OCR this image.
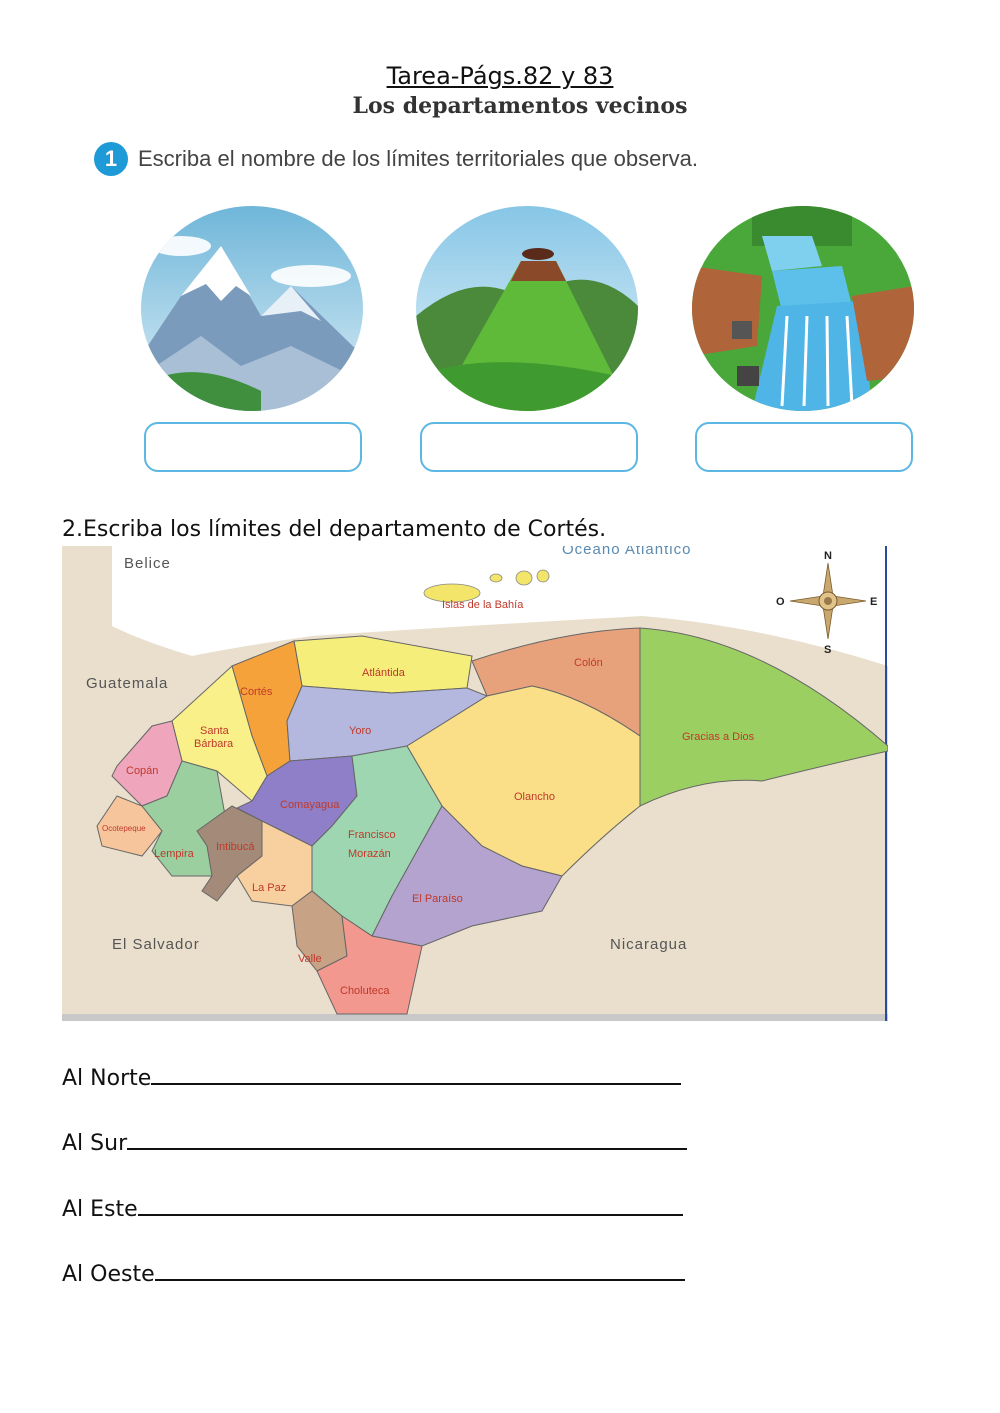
Tarea-Págs.82 y 83
Los departamentos vecinos
1 Escriba el nombre de los límites territoriales que observa.
2.Escriba los límites del departamento de Cortés.
Océano Atlántico
Belice
Guatemala
El Salvador	Nicaragua
Islas de la Bahía
Atlántida
Colón
Gracias a Dios
Cortés
Yoro
Olancho
Santa
Bárbara
Copán
Ocotepeque
Lempira
Intibucá
Comayagua
Francisco
Morazán
La Paz
El Paraíso
Valle
Choluteca
N
S
E
O
Al Norte
Al Sur
Al Este
Al Oeste
